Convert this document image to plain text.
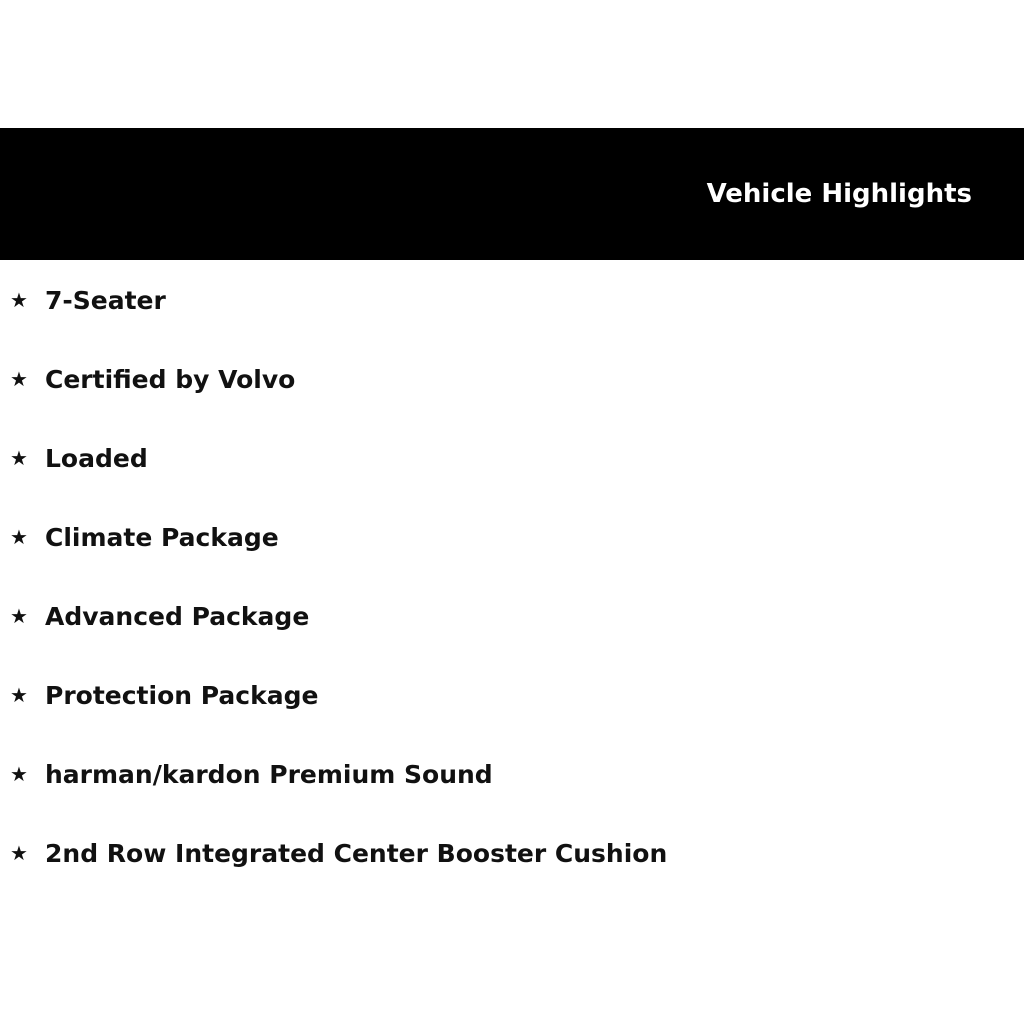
Vehicle Highlights
★ 7-Seater
★ Certified by Volvo
★ Loaded
★ Climate Package
★ Advanced Package
★ Protection Package
★ harman/kardon Premium Sound
★ 2nd Row Integrated Center Booster Cushion
